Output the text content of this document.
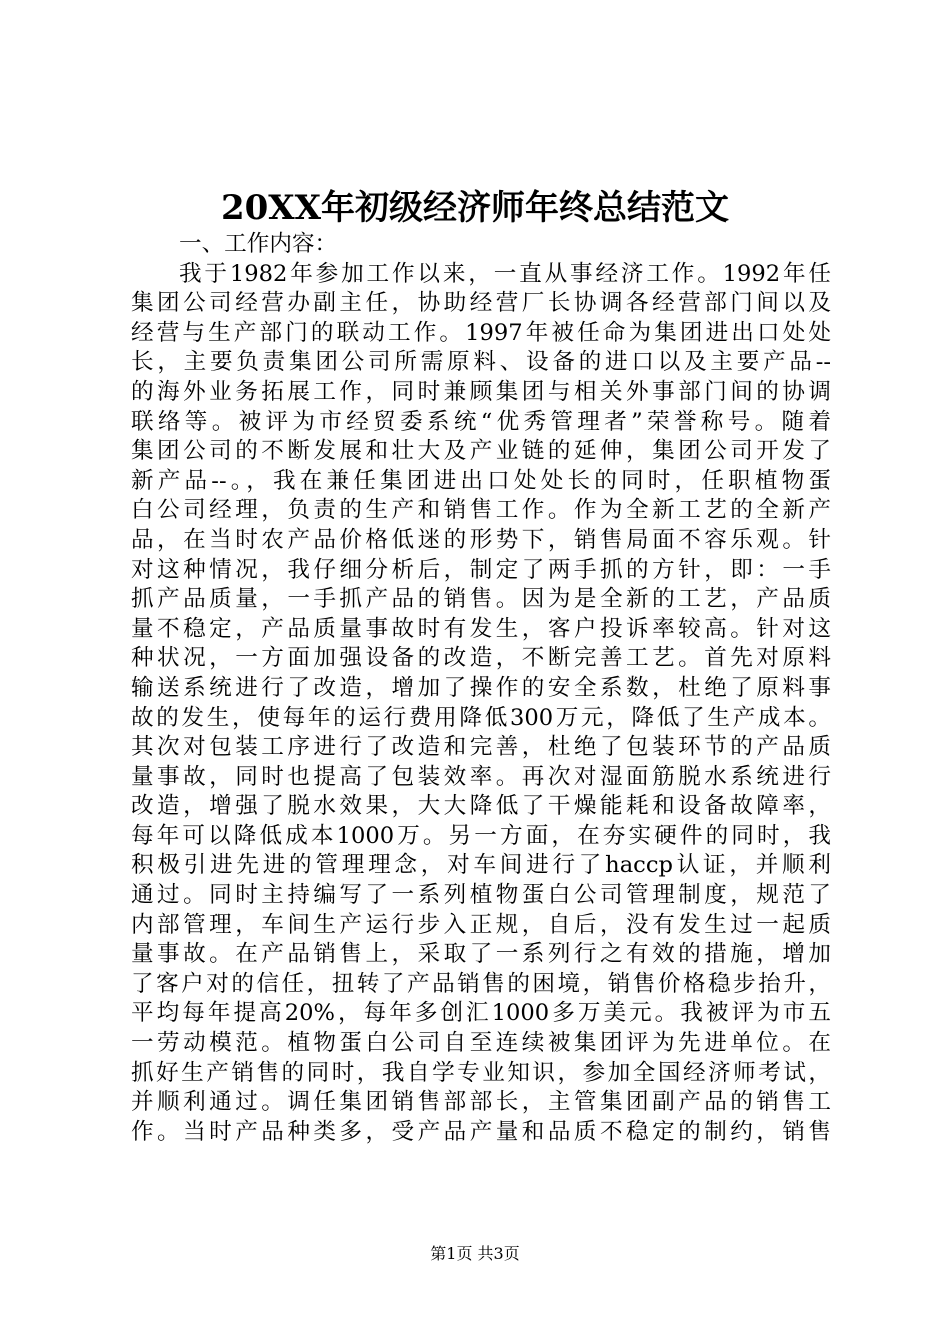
20XX年初级经济师年终总结范文
一、工作内容：
我于1982年参加工作以来，一直从事经济工作。1992年任
集团公司经营办副主任，协助经营厂长协调各经营部门间以及
经营与生产部门的联动工作。1997年被任命为集团进出口处处
长，主要负责集团公司所需原料、设备的进口以及主要产品--
的海外业务拓展工作，同时兼顾集团与相关外事部门间的协调
联络等。被评为市经贸委系统“优秀管理者”荣誉称号。随着
集团公司的不断发展和壮大及产业链的延伸，集团公司开发了
新产品--。，我在兼任集团进出口处处长的同时，任职植物蛋
白公司经理，负责的生产和销售工作。作为全新工艺的全新产
品，在当时农产品价格低迷的形势下，销售局面不容乐观。针
对这种情况，我仔细分析后，制定了两手抓的方针，即：一手
抓产品质量，一手抓产品的销售。因为是全新的工艺，产品质
量不稳定，产品质量事故时有发生，客户投诉率较高。针对这
种状况，一方面加强设备的改造，不断完善工艺。首先对原料
输送系统进行了改造，增加了操作的安全系数，杜绝了原料事
故的发生，使每年的运行费用降低300万元，降低了生产成本。
其次对包装工序进行了改造和完善，杜绝了包装环节的产品质
量事故，同时也提高了包装效率。再次对湿面筋脱水系统进行
改造，增强了脱水效果，大大降低了干燥能耗和设备故障率，
每年可以降低成本1000万。另一方面，在夯实硬件的同时，我
积极引进先进的管理理念，对车间进行了haccp认证，并顺利
通过。同时主持编写了一系列植物蛋白公司管理制度，规范了
内部管理，车间生产运行步入正规，自后，没有发生过一起质
量事故。在产品销售上，采取了一系列行之有效的措施，增加
了客户对的信任，扭转了产品销售的困境，销售价格稳步抬升，
平均每年提高20%，每年多创汇1000多万美元。我被评为市五
一劳动模范。植物蛋白公司自至连续被集团评为先进单位。在
抓好生产销售的同时，我自学专业知识，参加全国经济师考试，
并顺利通过。调任集团销售部部长，主管集团副产品的销售工
作。当时产品种类多，受产品产量和品质不稳定的制约，销售
第1页 共3页
